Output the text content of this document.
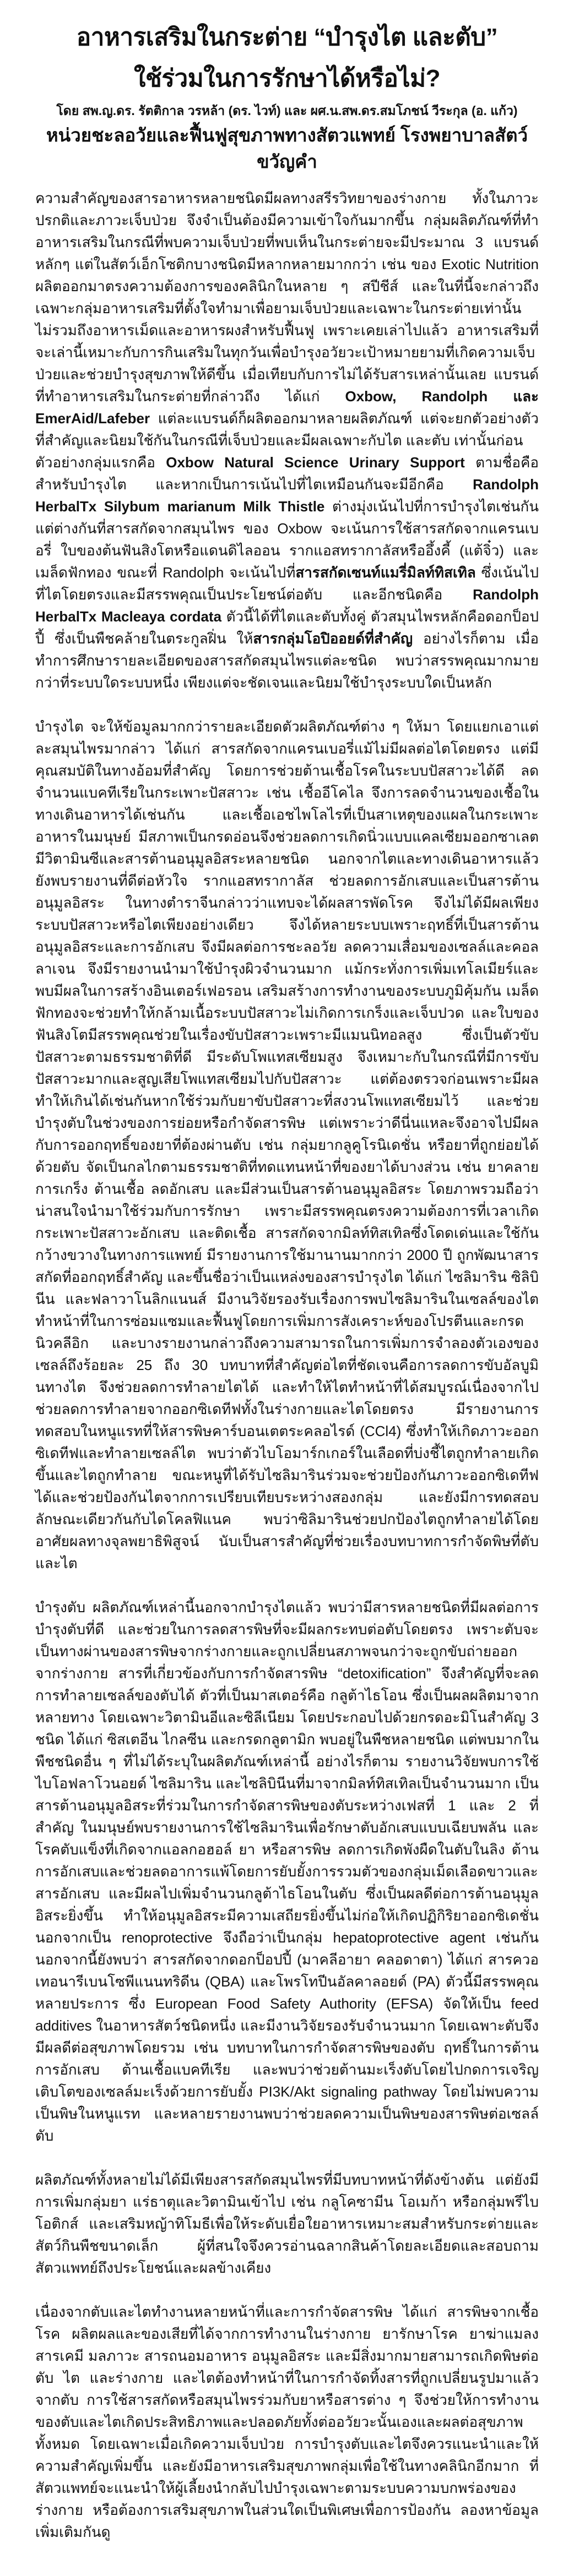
อาหารเสริมในกระต่าย “บำรุงไต และตับ”
ใช้ร่วมในการรักษาได้หรือไม่?
โดย สพ.ญ.ดร. รัตติกาล วรหล้า (ดร. ไวท์) และ ผศ.น.สพ.ดร.สมโภชน์ วีระกุล (อ. แก้ว)
หน่วยชะลอวัยและฟื้นฟูสุขภาพทางสัตวแพทย์ โรงพยาบาลสัตว์ขวัญคำ

ความสำคัญของสารอาหารหลายชนิดมีผลทางสรีรวิทยาของร่างกาย ทั้งในภาวะปรกติและภาวะเจ็บป่วย จึงจำเป็นต้องมีความเข้าใจกันมากขึ้น กลุ่มผลิตภัณฑ์ที่ทำอาหารเสริมในกรณีที่พบความเจ็บป่วยที่พบเห็นในกระต่ายจะมีประมาณ 3 แบรนด์หลักๆ แต่ในสัตว์เอ็กโซติกบางชนิดมีหลากหลายมากกว่า เช่น ของ Exotic Nutrition ผลิตออกมาตรงความต้องการของคลินิกในหลาย ๆ สปีชีส์ และในที่นี้จะกล่าวถึงเฉพาะกลุ่มอาหารเสริมที่ตั้งใจทำมาเพื่อยามเจ็บป่วยและเฉพาะในกระต่ายเท่านั้น ไม่รวมถึงอาหารเม็ดและอาหารผงสำหรับฟื้นฟู เพราะเคยเล่าไปแล้ว อาหารเสริมที่จะเล่านี้เหมาะกับการกินเสริมในทุกวันเพื่อบำรุงอวัยวะเป้าหมายยามที่เกิดความเจ็บป่วยและช่วยบำรุงสุขภาพให้ดีขึ้น เมื่อเทียบกับการไม่ได้รับสารเหล่านั้นเลย แบรนด์ที่ทำอาหารเสริมในกระต่ายที่กล่าวถึง ได้แก่ Oxbow, Randolph และ EmerAid/Lafeber แต่ละแบรนด์ก็ผลิตออกมาหลายผลิตภัณฑ์ แต่จะยกตัวอย่างตัวที่สำคัญและนิยมใช้กันในกรณีที่เจ็บป่วยและมีผลเฉพาะกับไต และตับ เท่านั้นก่อน

ตัวอย่างกลุ่มแรกคือ Oxbow Natural Science Urinary Support ตามชื่อคือสำหรับบำรุงไต และหากเป็นการเน้นไปที่ไตเหมือนกันจะมีอีกคือ Randolph HerbalTx Silybum marianum Milk Thistle ต่างมุ่งเน้นไปที่การบำรุงไตเช่นกัน แต่ต่างกันที่สารสกัดจากสมุนไพร ของ Oxbow จะเน้นการใช้สารสกัดจากแครนเบอรี่ ใบของต้นฟันสิงโตหรือแดนดิไลออน รากแอสทรากาลัสหรืออึ้งคี้ (แต้จิ๋ว) และเมล็ดฟักทอง ขณะที่ Randolph จะเน้นไปที่สารสกัดเซนท์แมรี่มิลท์ทิสเทิล ซึ่งเน้นไปที่ไตโดยตรงและมีสรรพคุณเป็นประโยชน์ต่อตับ และอีกชนิดคือ Randolph HerbalTx Macleaya cordata ตัวนี้ได้ที่ไตและตับทั้งคู่ ตัวสมุนไพรหลักคือดอกป็อปปี้ ซึ่งเป็นพืชคล้ายในตระกูลฝิ่น ให้สารกลุ่มโอปิออยด์ที่สำคัญ อย่างไรก็ตาม เมื่อทำการศึกษารายละเอียดของสารสกัดสมุนไพรแต่ละชนิด พบว่าสรรพคุณมากมายกว่าที่ระบบใดระบบหนึ่ง เพียงแต่จะชัดเจนและนิยมใช้บำรุงระบบใดเป็นหลัก

บำรุงไต จะให้ข้อมูลมากกว่ารายละเอียดตัวผลิตภัณฑ์ต่าง ๆ ให้มา โดยแยกเอาแต่ละสมุนไพรมากล่าว ได้แก่ สารสกัดจากแครนเบอรี่แม้ไม่มีผลต่อไตโดยตรง แต่มีคุณสมบัติในทางอ้อมที่สำคัญ โดยการช่วยต้านเชื้อโรคในระบบปัสสาวะได้ดี ลดจำนวนแบคทีเรียในกระเพาะปัสสาวะ เช่น เชื้ออีโคไล จึงการลดจำนวนของเชื้อในทางเดินอาหารได้เช่นกัน และเชื้อเอชไพโลไรที่เป็นสาเหตุของแผลในกระเพาะอาหารในมนุษย์ มีสภาพเป็นกรดอ่อนจึงช่วยลดการเกิดนิ่วแบบแคลเซียมออกซาเลต มีวิตามินซีและสารต้านอนุมูลอิสระหลายชนิด นอกจากไตและทางเดินอาหารแล้วยังพบรายงานที่ดีต่อหัวใจ รากแอสทรากาลัส ช่วยลดการอักเสบและเป็นสารต้านอนุมูลอิสระ ในทางตำราจีนกล่าวว่าแทบจะได้ผลสารพัดโรค จึงไม่ได้มีผลเพียงระบบปัสสาวะหรือไตเพียงอย่างเดียว จึงได้หลายระบบเพราะฤทธิ์ที่เป็นสารต้านอนุมูลอิสระและการอักเสบ จึงมีผลต่อการชะลอวัย ลดความเสื่อมของเซลล์และคอลลาเจน จึงมีรายงานนำมาใช้บำรุงผิวจำนวนมาก แม้กระทั่งการเพิ่มเทโลเมียร์และพบมีผลในการสร้างอินเตอร์เฟอรอน เสริมสร้างการทำงานของระบบภูมิคุ้มกัน เมล็ดฟักทองจะช่วยทำให้กล้ามเนื้อระบบปัสสาวะไม่เกิดการเกร็งและเจ็บปวด และใบของฟันสิงโตมีสรรพคุณช่วยในเรื่องขับปัสสาวะเพราะมีแมนนิทอลสูง ซึ่งเป็นตัวขับปัสสาวะตามธรรมชาติที่ดี มีระดับโพแทสเซียมสูง จึงเหมาะกับในกรณีที่มีการขับปัสสาวะมากและสูญเสียโพแทสเซียมไปกับปัสสาวะ แต่ต้องตรวจก่อนเพราะมีผลทำให้เกินได้เช่นกันหากใช้ร่วมกับยาขับปัสสาวะที่สงวนโพแทสเซียมไว้ และช่วยบำรุงตับในช่วงของการย่อยหรือกำจัดสารพิษ แต่เพราะว่าดีนี่นแหละจึงอาจไปมีผลกับการออกฤทธิ์ของยาที่ต้องผ่านตับ เช่น กลุ่มยากลูคูโรนิเดชั่น หรือยาที่ถูกย่อยได้ด้วยตับ จัดเป็นกลไกตามธรรมชาติที่ทดแทนหน้าที่ของยาได้บางส่วน เช่น ยาคลายการเกร็ง ต้านเชื้อ ลดอักเสบ และมีส่วนเป็นสารต้านอนุมูลอิสระ โดยภาพรวมถือว่าน่าสนใจนำมาใช้ร่วมกับการรักษา เพราะมีสรรพคุณตรงความต้องการที่เวลาเกิดกระเพาะปัสสาวะอักเสบ และติดเชื้อ สารสกัดจากมิลท์ทิสเทิลซึ่งโดดเด่นและใช้กันกว้างขวางในทางการแพทย์ มีรายงานการใช้มานานมากกว่า 2000 ปี ถูกพัฒนาสารสกัดที่ออกฤทธิ์สำคัญ และขึ้นชื่อว่าเป็นแหล่งของสารบำรุงไต ได้แก่ ไซลิมาริน ซิลิบินีน และฟลาวาโนลิกแนนส์ มีงานวิจัยรองรับเรื่องการพบไซลิมารินในเซลล์ของไต ทำหน้าที่ในการซ่อมแซมและฟื้นฟูโดยการเพิ่มการสังเคราะห์ของโปรตีนและกรดนิวคลีอิก และบางรายงานกล่าวถึงความสามารถในการเพิ่มการจำลองตัวเองของเซลล์ถึงร้อยละ 25 ถึง 30 บทบาทที่สำคัญต่อไตที่ชัดเจนคือการลดการขับอัลบูมินทางไต จึงช่วยลดการทำลายไตได้ และทำให้ไตทำหน้าที่ได้สมบูรณ์เนื่องจากไปช่วยลดการทำลายจากออกซิเดทีฟทั้งในร่างกายและไตโดยตรง มีรายงานการทดสอบในหนูแรทที่ให้สารพิษคาร์บอนเตตระคลอไรด์ (CCl4) ซึ่งทำให้เกิดภาวะออกซิเดทีฟและทำลายเซลล์ไต พบว่าตัวไบโอมาร์กเกอร์ในเลือดที่บ่งชี้ไตถูกทำลายเกิดขึ้นและไตถูกทำลาย ขณะหนูที่ได้รับไซลิมารินร่วมจะช่วยป้องกันภาวะออกซิเดทีฟได้และช่วยป้องกันไตจากการเปรียบเทียบระหว่างสองกลุ่ม และยังมีการทดสอบลักษณะเดียวกันกับไดโคลฟิแนค พบว่าซิลิมารินช่วยปกป้องไตถูกทำลายได้โดยอาศัยผลทางจุลพยาธิพิสูจน์ นับเป็นสารสำคัญที่ช่วยเรื่องบทบาทการกำจัดพิษที่ตับและไต

บำรุงตับ ผลิตภัณฑ์เหล่านี้นอกจากบำรุงไตแล้ว พบว่ามีสารหลายชนิดที่มีผลต่อการบำรุงตับที่ดี และช่วยในการลดสารพิษที่จะมีผลกระทบต่อตับโดยตรง เพราะตับจะเป็นทางผ่านของสารพิษจากร่างกายและถูกเปลี่ยนสภาพจนกว่าจะถูกขับถ่ายออกจากร่างกาย สารที่เกี่ยวข้องกับการกำจัดสารพิษ “detoxification” จึงสำคัญที่จะลดการทำลายเซลล์ของตับได้ ตัวที่เป็นมาสเตอร์คือ กลูต้าไธโอน ซึ่งเป็นผลผลิตมาจากหลายทาง โดยเฉพาะวิตามินอีและซิลีเนียม โดยประกอบไปด้วยกรดอะมิโนสำคัญ 3 ชนิด ได้แก่ ซิสเตอีน ไกลซีน และกรดกลูตามิก พบอยู่ในพืชหลายชนิด แต่พบมากในพืชชนิดอื่น ๆ ที่ไม่ได้ระบุในผลิตภัณฑ์เหล่านี้ อย่างไรก็ตาม รายงานวิจัยพบการใช้ไบโอฟลาโวนอยด์ ไซลิมาริน และไซลิบินีนที่มาจากมิลท์ทิสเทิลเป็นจำนวนมาก เป็นสารต้านอนุมูลอิสระที่ร่วมในการกำจัดสารพิษของตับระหว่างเฟสที่ 1 และ 2 ที่สำคัญ ในมนุษย์พบรายงานการใช้ไซลิมารินเพื่อรักษาตับอักเสบแบบเฉียบพลัน และโรคตับแข็งที่เกิดจากแอลกอฮอล์ ยา หรือสารพิษ ลดการเกิดพังผืดในตับในลิง ต้านการอักเสบและช่วยลดอาการแพ้โดยการยับยั้งการรวมตัวของกลุ่มเม็ดเลือดขาวและสารอักเสบ และมีผลไปเพิ่มจำนวนกลูต้าไธโอนในตับ ซึ่งเป็นผลดีต่อการต้านอนุมูลอิสระยิ่งขึ้น ทำให้อนุมูลอิสระมีความเสถียรยิ่งขึ้นไม่ก่อให้เกิดปฏิกิริยาออกซิเดชั่น นอกจากเป็น renoprotective จึงถือว่าเป็นกลุ่ม hepatoprotective agent เช่นกัน นอกจากนี้ยังพบว่า สารสกัดจากดอกป็อปปี้ (มาคลีอายา คลอดาตา) ได้แก่ สารควอเทอนารีเบนโซพีแนนทริดีน (QBA) และโพรโทปีนอัลคาลอยด์ (PA) ตัวนี้มีสรรพคุณหลายประการ ซึ่ง European Food Safety Authority (EFSA) จัดให้เป็น feed additives ในอาหารสัตว์ชนิดหนึ่ง และมีงานวิจัยรองรับจำนวนมาก โดยเฉพาะตับจึงมีผลดีต่อสุขภาพโดยรวม เช่น บทบาทในการกำจัดสารพิษของตับ ฤทธิ์ในการต้านการอักเสบ ต้านเชื้อแบคทีเรีย และพบว่าช่วยต้านมะเร็งตับโดยไปกดการเจริญเติบโตของเซลล์มะเร็งด้วยการยับยั้ง PI3K/Akt signaling pathway โดยไม่พบความเป็นพิษในหนูแรท และหลายรายงานพบว่าช่วยลดความเป็นพิษของสารพิษต่อเซลล์ตับ

ผลิตภัณฑ์ทั้งหลายไม่ได้มีเพียงสารสกัดสมุนไพรที่มีบทบาทหน้าที่ดังข้างต้น แต่ยังมีการเพิ่มกลุ่มยา แร่ธาตุและวิตามินเข้าไป เช่น กลูโคซามีน โอเมก้า หรือกลุ่มพรีไบโอติกส์ และเสริมหญ้าทิโมธีเพื่อให้ระดับเยื่อใยอาหารเหมาะสมสำหรับกระต่ายและสัตว์กินพืชขนาดเล็ก ผู้ที่สนใจจึงควรอ่านฉลากสินค้าโดยละเอียดและสอบถามสัตวแพทย์ถึงประโยชน์และผลข้างเคียง

เนื่องจากตับและไตทำงานหลายหน้าที่และการกำจัดสารพิษ ได้แก่ สารพิษจากเชื้อโรค ผลิตผลและของเสียที่ได้จากการทำงานในร่างกาย ยารักษาโรค ยาฆ่าแมลง สารเคมี มลภาวะ สารถนอมอาหาร อนุมูลอิสระ และมีสิ่งมากมายสามารถเกิดพิษต่อตับ ไต และร่างกาย และไตต้องทำหน้าที่ในการกำจัดทิ้งสารที่ถูกเปลี่ยนรูปมาแล้วจากตับ การใช้สารสกัดหรือสมุนไพรร่วมกับยาหรือสารต่าง ๆ จึงช่วยให้การทำงานของตับและไตเกิดประสิทธิภาพและปลอดภัยทั้งต่ออวัยวะนั้นเองและผลต่อสุขภาพทั้งหมด โดยเฉพาะเมื่อเกิดความเจ็บป่วย การบำรุงตับและไตจึงควรแนะนำและให้ความสำคัญเพิ่มขึ้น และยังมีอาหารเสริมสุขภาพกลุ่มเพื่อใช้ในทางคลินิกอีกมาก ที่สัตวแพทย์จะแนะนำให้ผู้เลี้ยงนำกลับไปบำรุงเฉพาะตามระบบความบกพร่องของร่างกาย หรือต้องการเสริมสุขภาพในส่วนใดเป็นพิเศษเพื่อการป้องกัน ลองหาข้อมูลเพิ่มเติมกันดู
